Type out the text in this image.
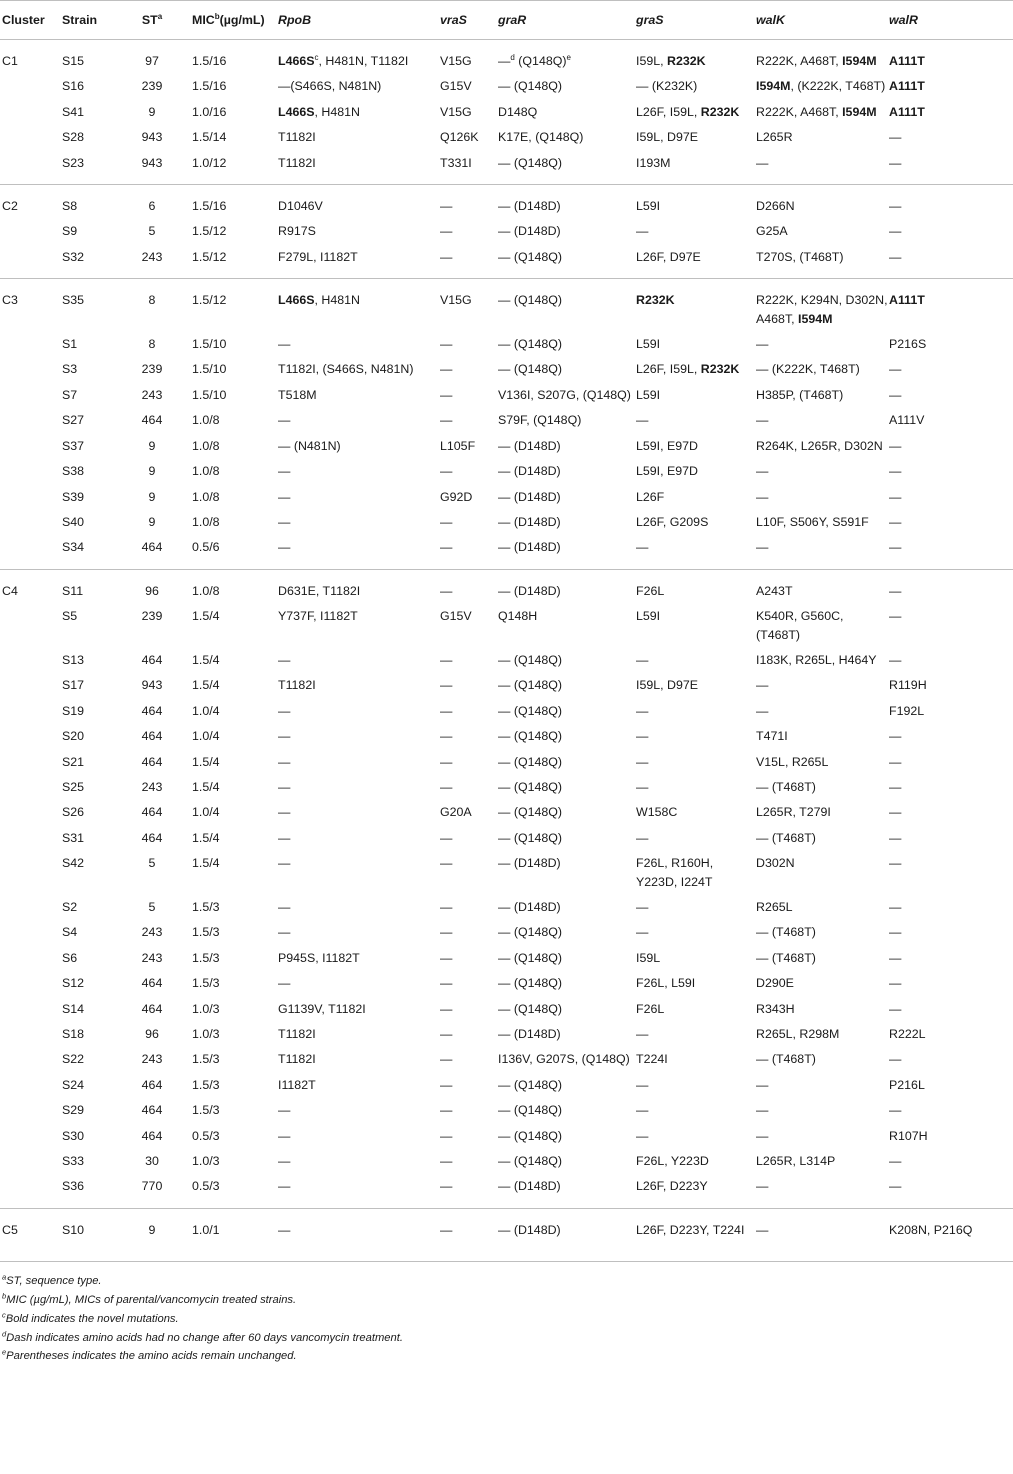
Cluster	Strain	$ST^a$	MIC$^b$(µg/mL)	RpoB	vraS	graR	graS	walK	walR
C1	S15	97	1.5/16	$L466S^c$, H481N, T1182I	V15G	—$^d$ $(Q148Q)^e$	I59L, R232K	R222K, A468T, I594M	A111T
	S16	239	1.5/16	—(S466S, N481N)	G15V	— (Q148Q)	— (K232K)	I594M, (K222K, T468T)	A111T
	S41	9	1.0/16	L466S, H481N	V15G	D148Q	L26F, I59L, R232K	R222K, A468T, I594M	A111T
	S28	943	1.5/14	T1182I	Q126K	K17E, (Q148Q)	I59L, D97E	L265R	—
	S23	943	1.0/12	T1182I	T331I	— (Q148Q)	I193M	—	—
C2	S8	6	1.5/16	D1046V	—	— (D148D)	L59I	D266N	—
	S9	5	1.5/12	R917S	—	— (D148D)	—	G25A	—
	S32	243	1.5/12	F279L, I1182T	—	— (Q148Q)	L26F, D97E	T270S, (T468T)	—
C3	S35	8	1.5/12	L466S, H481N	V15G	— (Q148Q)	R232K	R222K, K294N, D302N, A468T, I594M	A111T
	S1	8	1.5/10	—	—	— (Q148Q)	L59I	—	P216S
	S3	239	1.5/10	T1182I, (S466S, N481N)	—	— (Q148Q)	L26F, I59L, R232K	— (K222K, T468T)	—
	S7	243	1.5/10	T518M	—	V136I, S207G, (Q148Q)	L59I	H385P, (T468T)	—
	S27	464	1.0/8	—	—	S79F, (Q148Q)	—	—	A111V
	S37	9	1.0/8	— (N481N)	L105F	— (D148D)	L59I, E97D	R264K, L265R, D302N	—
	S38	9	1.0/8	—	—	— (D148D)	L59I, E97D	—	—
	S39	9	1.0/8	—	G92D	— (D148D)	L26F	—	—
	S40	9	1.0/8	—	—	— (D148D)	L26F, G209S	L10F, S506Y, S591F	—
	S34	464	0.5/6	—	—	— (D148D)	—	—	—
C4	S11	96	1.0/8	D631E, T1182I	—	— (D148D)	F26L	A243T	—
	S5	239	1.5/4	Y737F, I1182T	G15V	Q148H	L59I	K540R, G560C, (T468T)	—
	S13	464	1.5/4	—	—	— (Q148Q)	—	I183K, R265L, H464Y	—
	S17	943	1.5/4	T1182I	—	— (Q148Q)	I59L, D97E	—	R119H
	S19	464	1.0/4	—	—	— (Q148Q)	—	—	F192L
	S20	464	1.0/4	—	—	— (Q148Q)	—	T471I	—
	S21	464	1.5/4	—	—	— (Q148Q)	—	V15L, R265L	—
	S25	243	1.5/4	—	—	— (Q148Q)	—	— (T468T)	—
	S26	464	1.0/4	—	G20A	— (Q148Q)	W158C	L265R, T279I	—
	S31	464	1.5/4	—	—	— (Q148Q)	—	— (T468T)	—
	S42	5	1.5/4	—	—	— (D148D)	F26L, R160H, Y223D, I224T	D302N	—
	S2	5	1.5/3	—	—	— (D148D)	—	R265L	—
	S4	243	1.5/3	—	—	— (Q148Q)	—	— (T468T)	—
	S6	243	1.5/3	P945S, I1182T	—	— (Q148Q)	I59L	— (T468T)	—
	S12	464	1.5/3	—	—	— (Q148Q)	F26L, L59I	D290E	—
	S14	464	1.0/3	G1139V, T1182I	—	— (Q148Q)	F26L	R343H	—
	S18	96	1.0/3	T1182I	—	— (D148D)	—	R265L, R298M	R222L
	S22	243	1.5/3	T1182I	—	I136V, G207S, (Q148Q)	T224I	— (T468T)	—
	S24	464	1.5/3	I1182T	—	— (Q148Q)	—	—	P216L
	S29	464	1.5/3	—	—	— (Q148Q)	—	—	—
	S30	464	0.5/3	—	—	— (Q148Q)	—	—	R107H
	S33	30	1.0/3	—	—	— (Q148Q)	F26L, Y223D	L265R, L314P	—
	S36	770	0.5/3	—	—	— (D148D)	L26F, D223Y	—	—
C5	S10	9	1.0/1	—	—	— (D148D)	L26F, D223Y, T224I	—	K208N, P216Q
$^a$ST, sequence type.
$^b$MIC (µg/mL), MICs of parental/vancomycin treated strains.
$^c$Bold indicates the novel mutations.
$^d$Dash indicates amino acids had no change after 60 days vancomycin treatment.
$^e$Parentheses indicates the amino acids remain unchanged.
